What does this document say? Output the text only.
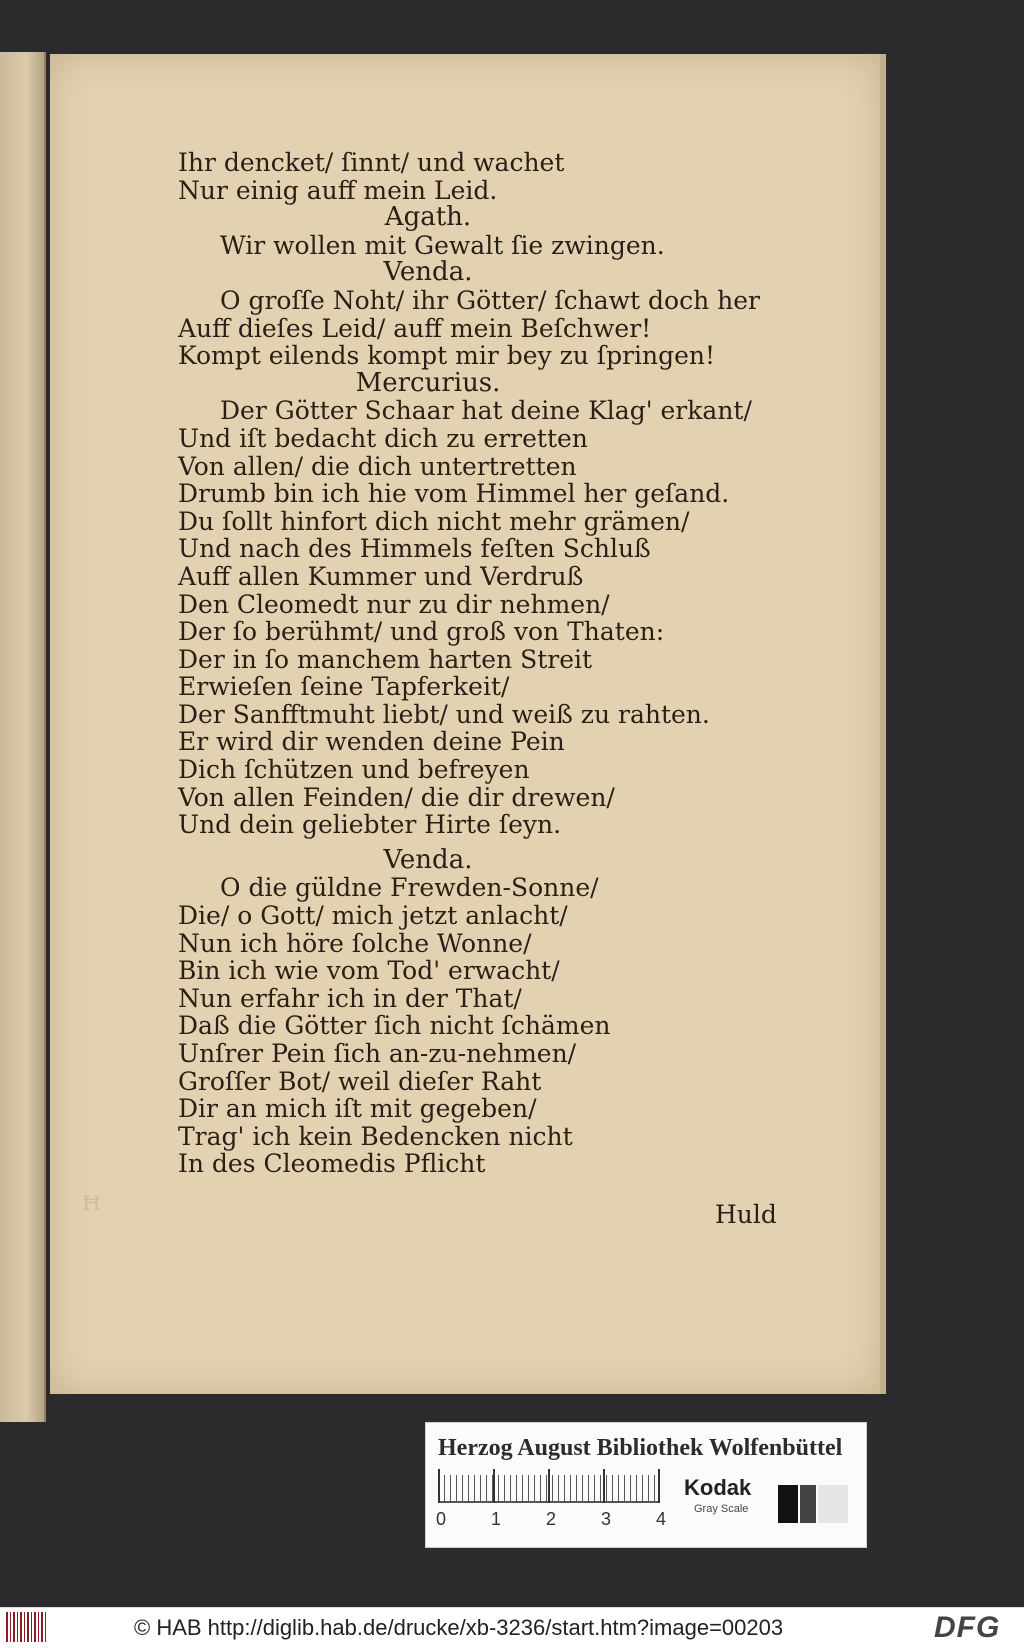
ꟸ
Ihr dencket/ ſinnt/ und wachet
Nur einig auff mein Leid.
Agath.
Wir wollen mit Gewalt ſie zwingen.
Venda.
O groſſe Noht/ ihr Götter/ ſchawt doch her
Auff dieſes Leid/ auff mein Beſchwer!
Kompt eilends kompt mir bey zu ſpringen!
Mercurius.
Der Götter Schaar hat deine Klag' erkant/
Und iſt bedacht dich zu erretten
Von allen/ die dich untertretten
Drumb bin ich hie vom Himmel her geſand.
Du ſollt hinfort dich nicht mehr grämen/
Und nach des Himmels feſten Schluß
Auff allen Kummer und Verdruß
Den Cleomedt nur zu dir nehmen/
Der ſo berühmt/ und groß von Thaten:
Der in ſo manchem harten Streit
Erwieſen ſeine Tapferkeit/
Der Sanfftmuht liebt/ und weiß zu rahten.
Er wird dir wenden deine Pein
Dich ſchützen und befreyen
Von allen Feinden/ die dir drewen/
Und dein geliebter Hirte ſeyn.
Venda.
O die güldne Frewden-Sonne/
Die/ o Gott/ mich jetzt anlacht/
Nun ich höre ſolche Wonne/
Bin ich wie vom Tod' erwacht/
Nun erfahr ich in der That/
Daß die Götter ſich nicht ſchämen
Unſrer Pein ſich an-zu-nehmen/
Groſſer Bot/ weil dieſer Raht
Dir an mich iſt mit gegeben/
Trag' ich kein Bedencken nicht
In des Cleomedis Pflicht
Huld
Herzog August Bibliothek Wolfenbüttel
0 1 2 3 4
Kodak
Gray Scale
© HAB http://diglib.hab.de/drucke/xb-3236/start.htm?image=00203	DFG
